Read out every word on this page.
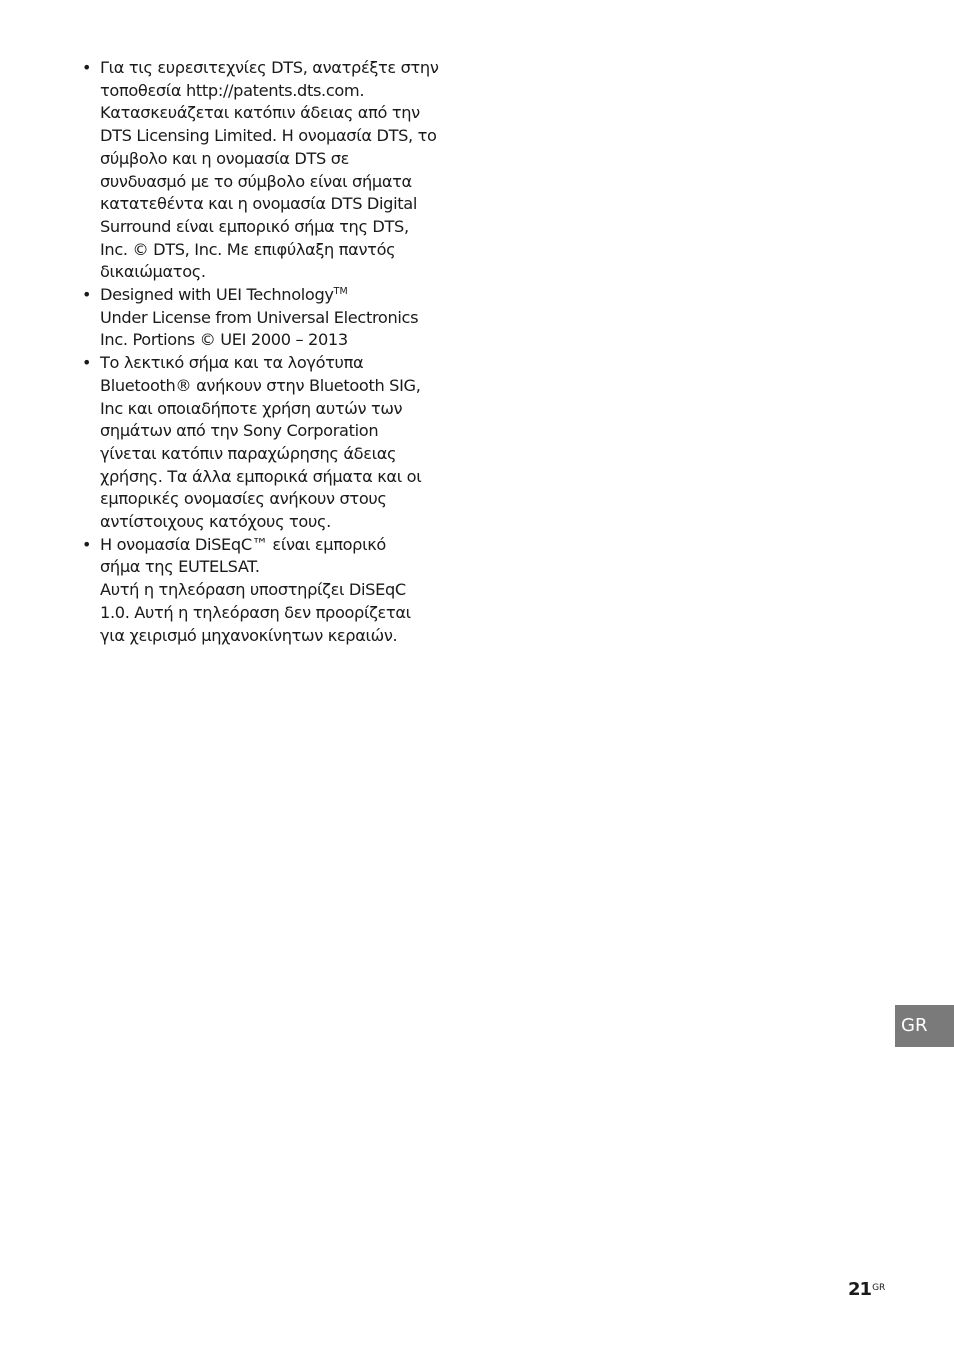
• Για τις ευρεσιτεχνίες DTS, ανατρέξτε στην
τοποθεσία http://patents.dts.com.
Κατασκευάζεται κατόπιν άδειας από την
DTS Licensing Limited. Η ονομασία DTS, το
σύμβολο και η ονομασία DTS σε
συνδυασμό με το σύμβολο είναι σήματα
κατατεθέντα και η ονομασία DTS Digital
Surround είναι εμπορικό σήμα της DTS,
Inc. © DTS, Inc. Με επιφύλαξη παντός
δικαιώματος.
• Designed with UEI Technology™
Under License from Universal Electronics
Inc. Portions © UEI 2000 – 2013
• Το λεκτικό σήμα και τα λογότυπα
Bluetooth® ανήκουν στην Bluetooth SIG,
Inc και οποιαδήποτε χρήση αυτών των
σημάτων από την Sony Corporation
γίνεται κατόπιν παραχώρησης άδειας
χρήσης. Τα άλλα εμπορικά σήματα και οι
εμπορικές ονομασίες ανήκουν στους
αντίστοιχους κατόχους τους.
• Η ονομασία DiSEqC™ είναι εμπορικό
σήμα της EUTELSAT.
Αυτή η τηλεόραση υποστηρίζει DiSEqC
1.0. Αυτή η τηλεόραση δεν προορίζεται
για χειρισμό μηχανοκίνητων κεραιών.
GR
$21^{GR}$
